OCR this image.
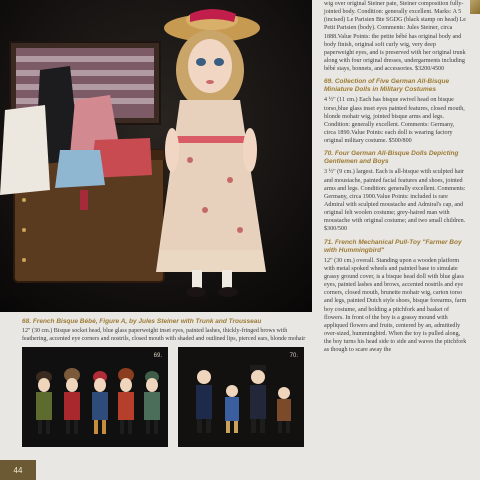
69.	70.
68. French Bisque Bébé, Figure A, by Jules Steiner with Trunk and Trousseau

12" (30 cm.) Bisque socket head, blue glass paperweight inset eyes, painted lashes, thickly-fringed brows with feathering, accented eye corners and nostrils, closed mouth with shaded and outlined lips, pierced ears, blonde mohair

wig over original Steiner pate, Steiner composition fully-jointed body. Condition: generally excellent. Marks: A 5 (incised) Le Parisien Bte SGDG (black stamp on head) Le Petit Parisien (body). Comments: Jules Steiner, circa 1888.Value Points: the petite bébé has original body and body finish, original soft curly wig, very deep paperweight eyes, and is preserved with her original trunk along with four original dresses, undergarments including bébé stays, bonnets, and accessories. $3200/4500

69. Collection of Five German All-Bisque Miniature Dolls in Military Costumes

4 ½" (11 cm.) Each has bisque swivel head on bisque torso,blue glass inset eyes painted features, closed mouth, blonde mohair wig, jointed bisque arms and legs. Condition: generally excellent. Comments: Germany, circa 1890.Value Points: each doll is wearing factory original military costume. $500/800

70. Four German All-Bisque Dolls Depicting Gentlemen and Boys

3 ½" (9 cm.) largest. Each is all-bisque with sculpted hair and moustache, painted facial features and shoes, jointed arms and legs. Condition: generally excellent. Comments: Germany, circa 1900.Value Points: included is rare Admiral with sculpted moustache and Admiral's cap, and original felt woolen costume; grey-haired man with moustache with original costume; and two small children. $300/500

71. French Mechanical Pull-Toy "Farmer Boy with Hummingbird"

12" (30 cm.) overall. Standing upon a wooden platform with metal spoked wheels and painted base to simulate grassy ground cover, is a bisque head doll with blue glass eyes, painted lashes and brows, accented nostrils and eye corners, closed mouth, brunette mohair wig, carton torso and legs, painted Dutch style shoes, bisque forearms, farm boy costume, and holding a pitchfork and basket of flowers. In front of the boy is a grassy mound with appliqued flowers and fruits, centered by an, admittedly over-sized, hummingbird. When the toy is pulled along, the boy turns his head side to side and waves the pitchfork as though to scare away the

44
